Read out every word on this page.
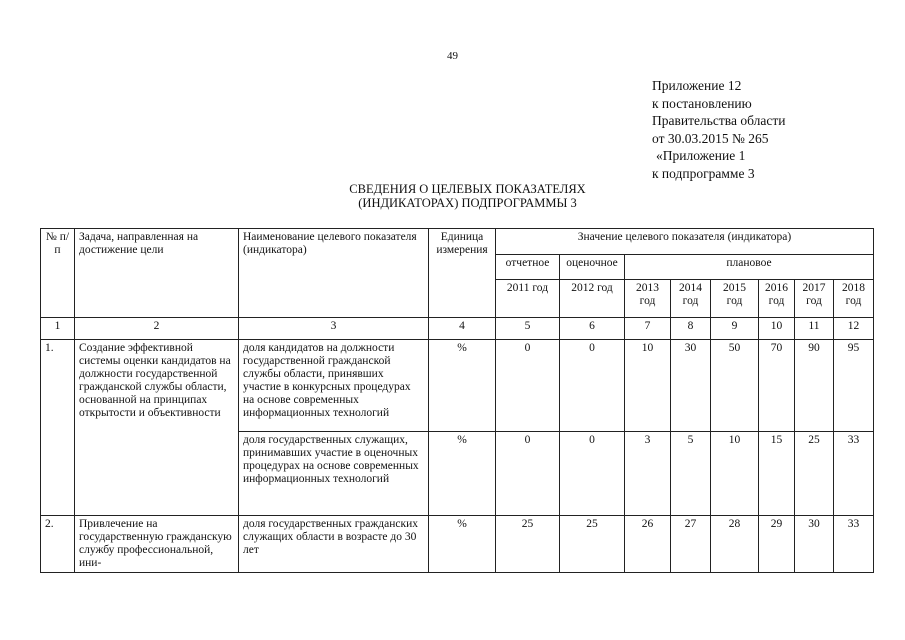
49
Приложение 12
к постановлению
Правительства области
от 30.03.2015 № 265
«Приложение 1
к подпрограмме 3
СВЕДЕНИЯ О ЦЕЛЕВЫХ ПОКАЗАТЕЛЯХ
(ИНДИКАТОРАХ) ПОДПРОГРАММЫ 3
№ п/п	Задача, направленная на достижение цели	Наименование целевого показателя (индикатора)	Единица измерения	Значение целевого показателя (индикатора)							
				отчетное	оценочное	плановое					
				2011 год	2012 год	2013 год	2014 год	2015 год	2016 год	2017 год	2018 год
1	2	3	4	5	6	7	8	9	10	11	12
1.	Создание эффективной системы оценки кандидатов на должности государственной гражданской службы области, основанной на принципах открытости и объективности	доля кандидатов на должности государственной гражданской службы области, принявших участие в конкурсных процедурах на основе современных информационных технологий	%	0	0	10	30	50	70	90	95
		доля государственных служащих, принимавших участие в оценочных процедурах на основе современных информационных технологий	%	0	0	3	5	10	15	25	33
2.	Привлечение на государственную гражданскую службу профессиональной, ини-	доля государственных гражданских служащих области в возрасте до 30 лет	%	25	25	26	27	28	29	30	33
